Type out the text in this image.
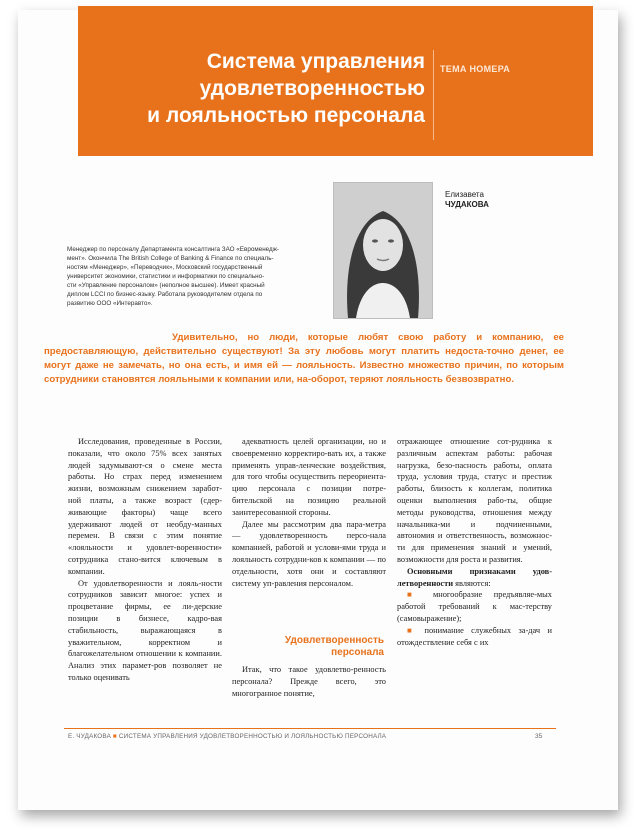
Система управления
удовлетворенностью
и лояльностью персонала
ТЕМА НОМЕРА
Елизавета
ЧУДАКОВА
Менеджер по персоналу Департамента консалтинга ЗАО «Евроменедж-
мент». Окончила The British College of Banking & Finance по специаль-
ностям «Менеджер», «Переводчик», Московский государственный
университет экономики, статистики и информатики по специально-
сти «Управление персоналом» (неполное высшее). Имеет красный
диплом LCCI по бизнес-языку. Работала руководителем отдела по
развитию ООО «Интеравто».
Удивительно, но люди, которые любят свою работу и компанию, ее предоставляющую, действительно существуют! За эту любовь могут платить недоста-точно денег, ее могут даже не замечать, но она есть, и имя ей — лояльность. Известно множество причин, по которым сотрудники становятся лояльными к компании или, на-оборот, теряют лояльность безвозвратно.

Исследования, проведенные в России, показали, что около 75% всех занятых людей задумывают-ся о смене места работы. Но страх перед изменением жизни, возможным снижением заработ-ной платы, а также возраст (сдер-живающие факторы) чаще всего удерживают людей от необду-манных перемен. В связи с этим понятие «лояльности и удовлет-воренности» сотрудника стано-вится ключевым в компании.

От удовлетворенности и лояль-ности сотрудников зависит многое: успех и процветание фирмы, ее ли-дерские позиции в бизнесе, кадро-вая стабильность, выражающаяся в уважительном, корректном и благожелательном отношении к компании. Анализ этих парамет-ров позволяет не только оценивать

адекватность целей организации, но и своевременно корректиро-вать их, а также применять управ-ленческие воздействия, для того чтобы осуществить переориента-цию персонала с позиции потре-бительской на позицию реальной заинтересованной стороны.

Далее мы рассмотрим два пара-метра — удовлетворенность персо-нала компанией, работой и услови-ями труда и лояльность сотрудни-ков к компании — по отдельности, хотя они и составляют систему уп-равления персоналом.

Удовлетворенность персонала

Итак, что такое удовлетво-ренность персонала? Прежде всего, это многогранное понятие,

отражающее отношение сот-рудника к различным аспектам работы: рабочая нагрузка, безо-пасность работы, оплата труда, условия труда, статус и престиж работы, близость к коллегам, политика оценки выполнения рабо-ты, общие методы руководства, отношения между начальника-ми и подчиненными, автономия и ответственность, возможнос-ти для применения знаний и умений, возможности для роста и развития.

Основными признаками удов-летворенности являются:

■ многообразие предъявляе-мых работой требований к мас-терству (самовыражение);

■ понимание служебных за-дач и отождествление себя с их

Е. ЧУДАКОВА ■ СИСТЕМА УПРАВЛЕНИЯ УДОВЛЕТВОРЕННОСТЬЮ И ЛОЯЛЬНОСТЬЮ ПЕРСОНАЛА	35
